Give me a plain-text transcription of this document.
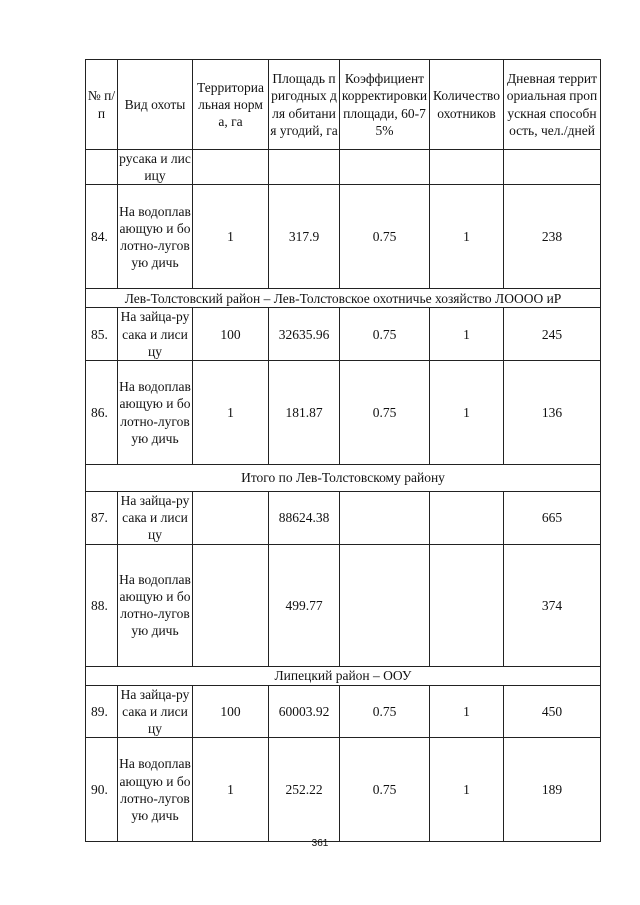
№ п/п	Вид охоты	Территориальная норма, га	Площадь пригодных для обитания угодий, га	Коэффициент корректировки площади, 60-75%	Количество охотников	Дневная территориальная пропускная способность, чел./дней
	русака и лисицу					
84.	На водоплавающую и болотно-луговую дичь	1	317.9	0.75	1	238
Лев-Толстовский район – Лев-Толстовское охотничье хозяйство ЛОООО иР						
85.	На зайца-русака и лисицу	100	32635.96	0.75	1	245
86.	На водоплавающую и болотно-луговую дичь	1	181.87	0.75	1	136
Итого по Лев-Толстовскому району						
87.	На зайца-русака и лисицу		88624.38			665
88.	На водоплавающую и болотно-луговую дичь		499.77			374
Липецкий район – ООУ						
89.	На зайца-русака и лисицу	100	60003.92	0.75	1	450
90.	На водоплавающую и болотно-луговую дичь	1	252.22	0.75	1	189
361
